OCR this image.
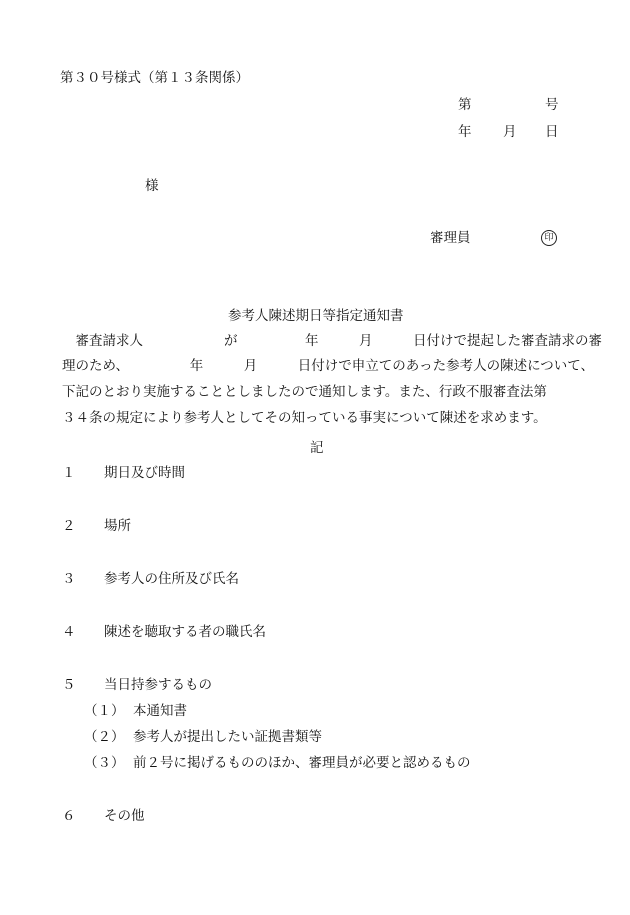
第３０号様式（第１３条関係）
第	号
年 月 日
様
審理員	印
参考人陳述期日等指定通知書
　審査請求人　　　　　　が　　　　　年　　　月　　　日付けで提起した審査請求の審
理のため、　　　　　年　　　月　　　日付けで申立てのあった参考人の陳述について、
下記のとおり実施することとしましたので通知します。また、行政不服審査法第
３４条の規定により参考人としてその知っている事実について陳述を求めます。
記
１ 期日及び時間
２ 場所
３ 参考人の住所及び氏名
４ 陳述を聴取する者の職氏名
５ 当日持参するもの
（１） 本通知書
（２） 参考人が提出したい証拠書類等
（３） 前２号に掲げるもののほか、審理員が必要と認めるもの
６ その他
